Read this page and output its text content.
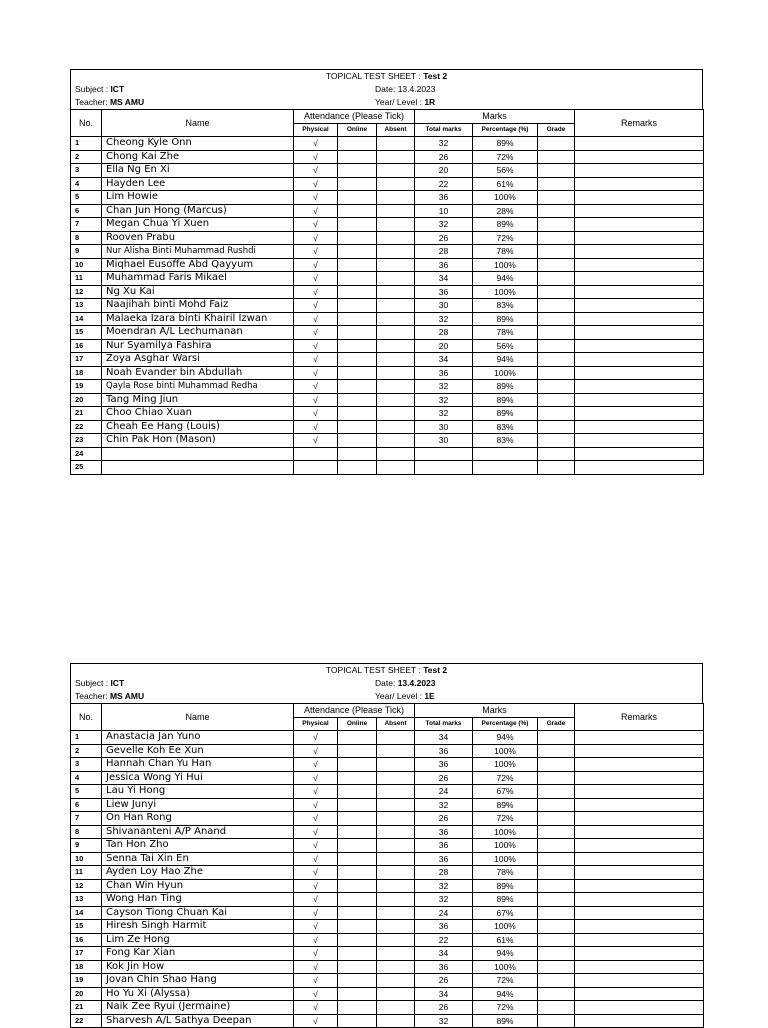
TOPICAL TEST SHEET : Test 2
Subject : ICT	Date: 13.4.2023
Teacher: MS AMU	Year/ Level : 1R
No.	Name	Attendance (Please Tick)			Marks			Remarks
		Physical	Online	Absent	Total marks	Percentage (%)	Grade	
1	Cheong Kyle Onn	√			32	89%		
2	Chong Kai Zhe	√			26	72%		
3	Ella Ng En Xi	√			20	56%		
4	Hayden Lee	√			22	61%		
5	Lim Howie	√			36	100%		
6	Chan Jun Hong (Marcus)	√			10	28%		
7	Megan Chua Yi Xuen	√			32	89%		
8	Rooven Prabu	√			26	72%		
9	Nur Alisha Binti Muhammad Rushdi	√			28	78%		
10	Miqhael Eusoffe Abd Qayyum	√			36	100%		
11	Muhammad Faris Mikael	√			34	94%		
12	Ng Xu Kai	√			36	100%		
13	Naajihah binti Mohd Faiz	√			30	83%		
14	Malaeka Izara binti Khairil Izwan	√			32	89%		
15	Moendran A/L Lechumanan	√			28	78%		
16	Nur Syamilya Fashira	√			20	56%		
17	Zoya Asghar Warsi	√			34	94%		
18	Noah Evander bin Abdullah	√			36	100%		
19	Qayla Rose binti Muhammad Redha	√			32	89%		
20	Tang Ming Jiun	√			32	89%		
21	Choo Chiao Xuan	√			32	89%		
22	Cheah Ee Hang (Louis)	√			30	83%		
23	Chin Pak Hon (Mason)	√			30	83%		
24								
25								
TOPICAL TEST SHEET : Test 2
Subject : ICT	Date: 13.4.2023
Teacher: MS AMU	Year/ Level : 1E
No.	Name	Attendance (Please Tick)			Marks			Remarks
		Physical	Online	Absent	Total marks	Percentage (%)	Grade	
1	Anastacia Jan Yuno	√			34	94%		
2	Gevelle Koh Ee Xun	√			36	100%		
3	Hannah Chan Yu Han	√			36	100%		
4	Jessica Wong Yi Hui	√			26	72%		
5	Lau Yi Hong	√			24	67%		
6	Liew Junyi	√			32	89%		
7	On Han Rong	√			26	72%		
8	Shivananteni A/P Anand	√			36	100%		
9	Tan Hon Zho	√			36	100%		
10	Senna Tai Xin En	√			36	100%		
11	Ayden Loy Hao Zhe	√			28	78%		
12	Chan Win Hyun	√			32	89%		
13	Wong Han Ting	√			32	89%		
14	Cayson Tiong Chuan Kai	√			24	67%		
15	Hiresh Singh Harmit	√			36	100%		
16	Lim Ze Hong	√			22	61%		
17	Fong Kar Xian	√			34	94%		
18	Kok Jin How	√			36	100%		
19	Jovan Chin Shao Hang	√			26	72%		
20	Ho Yu Xi (Alyssa)	√			34	94%		
21	Naik Zee Ryui (Jermaine)	√			26	72%		
22	Sharvesh A/L Sathya Deepan	√			32	89%		
